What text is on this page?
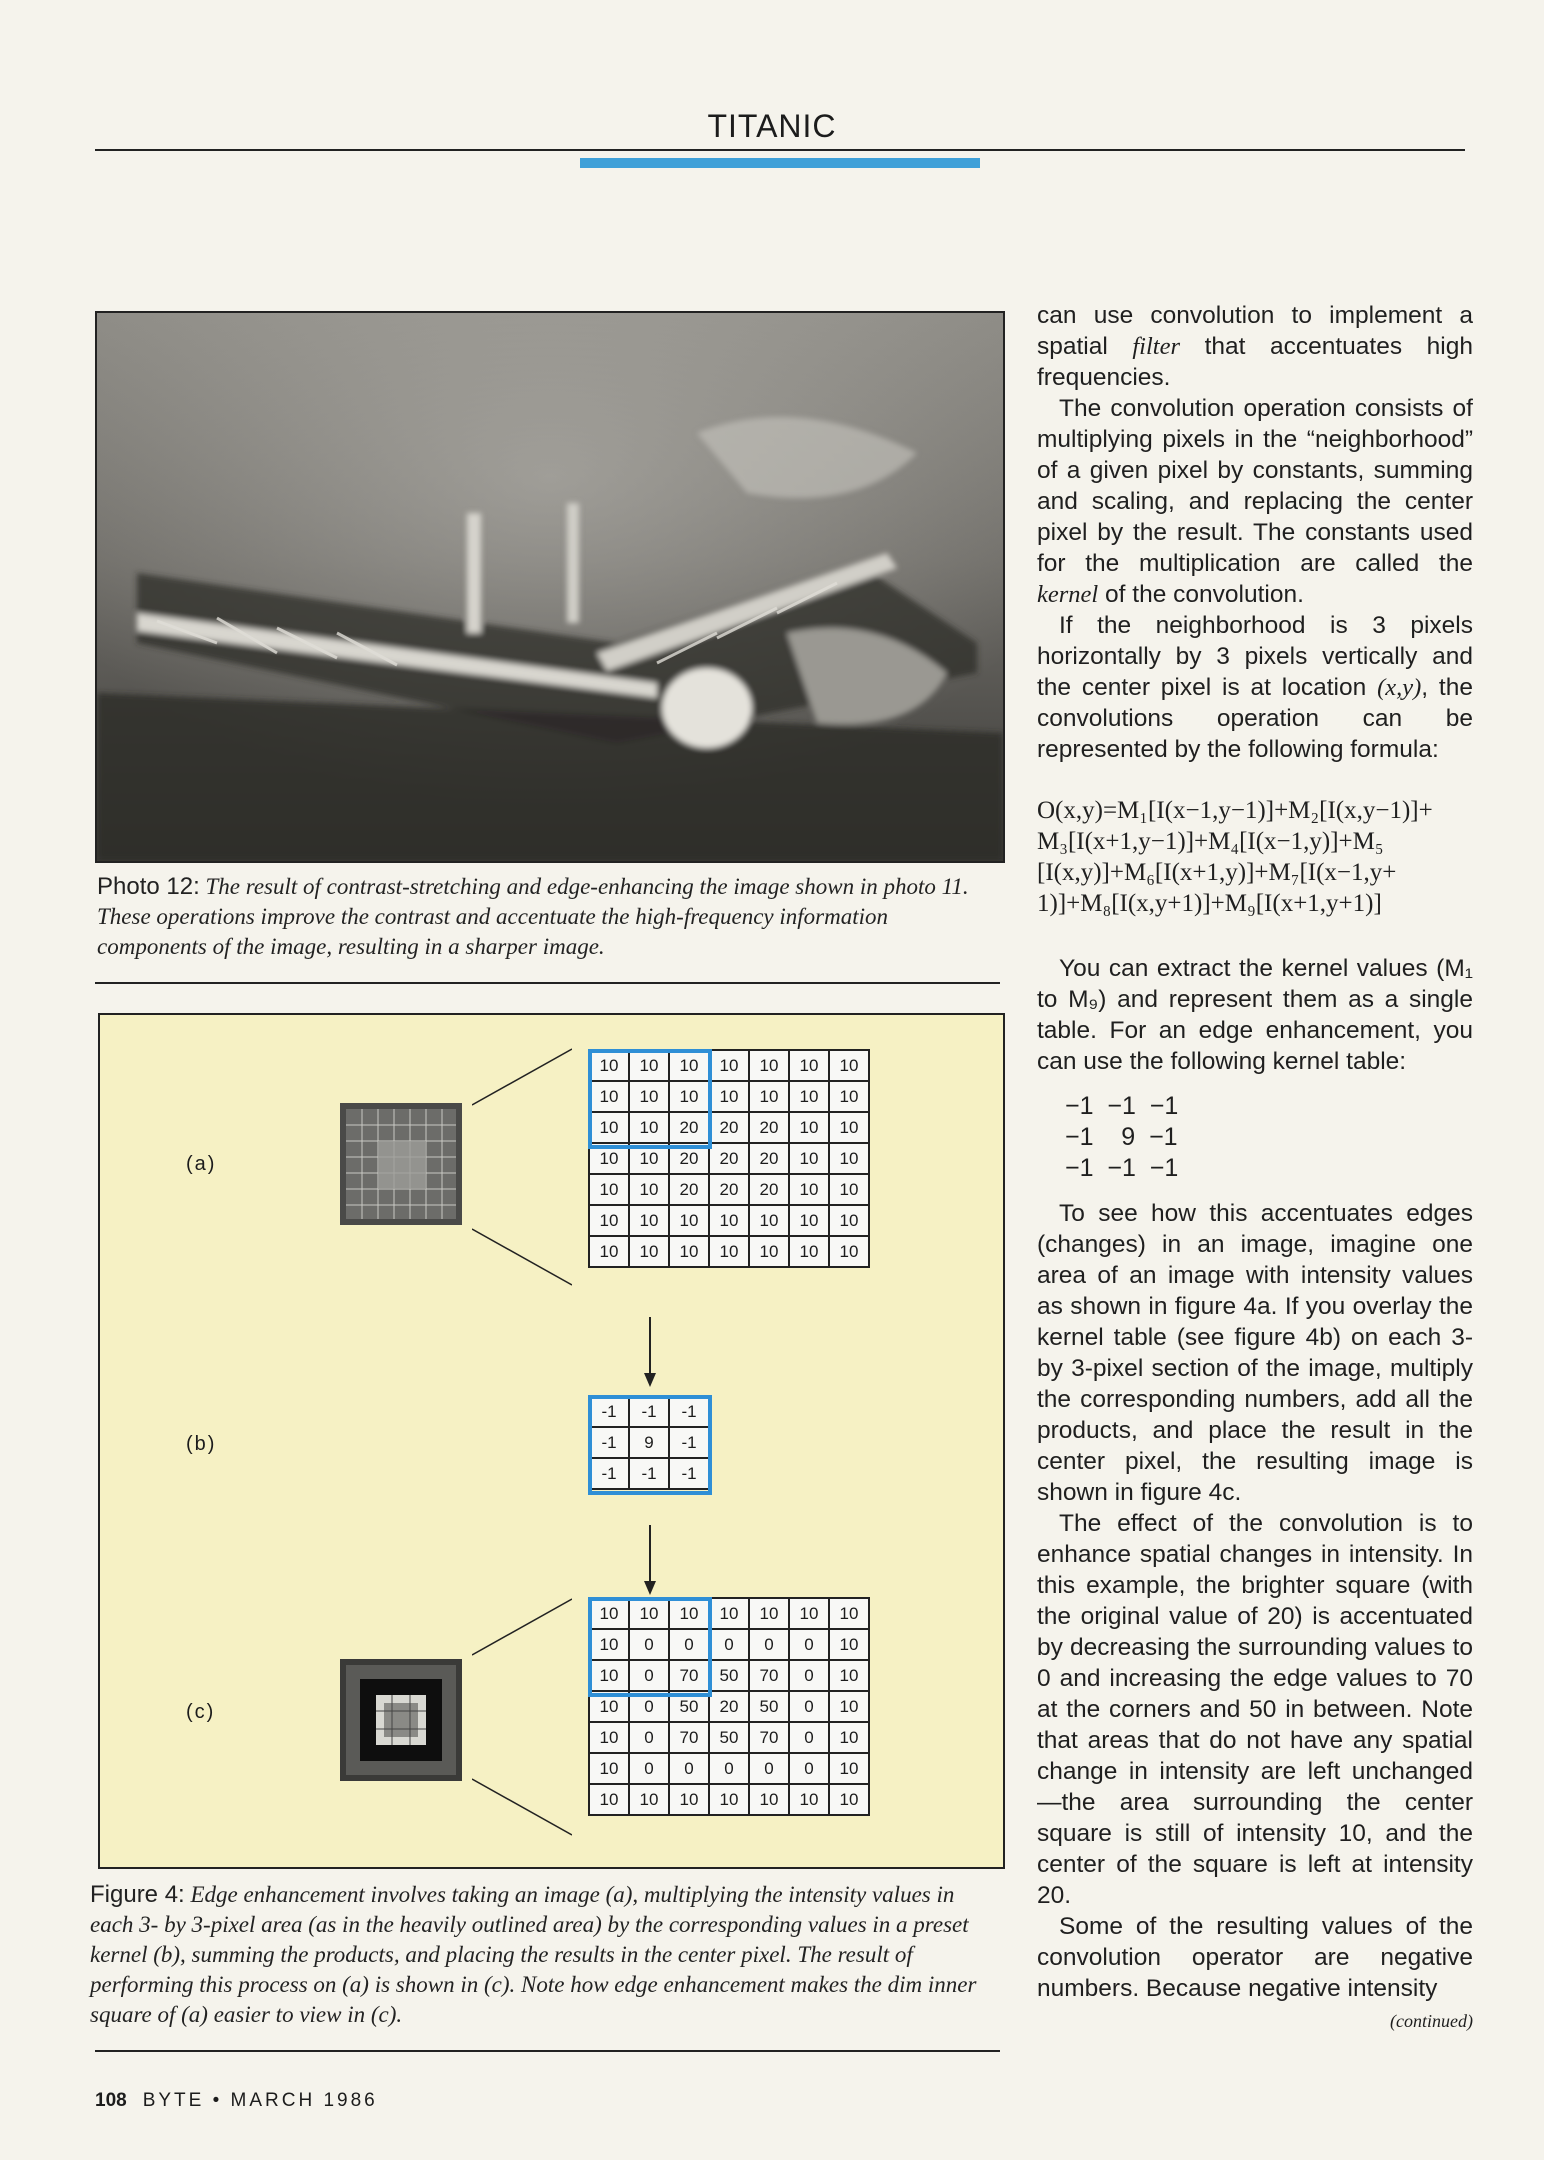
TITANIC
Photo 12: The result of contrast-stretching and edge-enhancing the image shown in photo 11. These operations improve the contrast and accentuate the high-frequency information components of the image, resulting in a sharper image.
(a)
10	10	10	10	10	10	10
10	10	10	10	10	10	10
10	10	20	20	20	10	10
10	10	20	20	20	10	10
10	10	20	20	20	10	10
10	10	10	10	10	10	10
10	10	10	10	10	10	10
(b)
-1	-1	-1
-1	9	-1
-1	-1	-1
(c)
10	10	10	10	10	10	10
10	0	0	0	0	0	10
10	0	70	50	70	0	10
10	0	50	20	50	0	10
10	0	70	50	70	0	10
10	0	0	0	0	0	10
10	10	10	10	10	10	10
Figure 4: Edge enhancement involves taking an image (a), multiplying the intensity values in each 3- by 3-pixel area (as in the heavily outlined area) by the corresponding values in a preset kernel (b), summing the products, and placing the results in the center pixel. The result of performing this process on (a) is shown in (c). Note how edge enhancement makes the dim inner square of (a) easier to view in (c).

can use convolution to implement a spatial filter that accentuates high frequencies.

The convolution operation consists of multiplying pixels in the “neighborhood” of a given pixel by constants, summing and scaling, and replacing the center pixel by the result. The constants used for the multiplication are called the kernel of the convolution.

If the neighborhood is 3 pixels horizontally by 3 pixels vertically and the center pixel is at location (x,y), the convolutions operation can be represented by the following formula:

O(x,y)=M₁[I(x−1,y−1)]+M₂[I(x,y−1)]+ M₃[I(x+1,y−1)]+M₄[I(x−1,y)]+M₅ [I(x,y)]+M₆[I(x+1,y)]+M₇[I(x−1,y+ 1)]+M₈[I(x,y+1)]+M₉[I(x+1,y+1)]

You can extract the kernel values (M₁ to M₉) and represent them as a single table. For an edge enhancement, you can use the following kernel table:

−1  −1  −1
−1    9  −1
−1  −1  −1

To see how this accentuates edges (changes) in an image, imagine one area of an image with intensity values as shown in figure 4a. If you overlay the kernel table (see figure 4b) on each 3- by 3-pixel section of the image, multiply the corresponding numbers, add all the products, and place the result in the center pixel, the resulting image is shown in figure 4c.

The effect of the convolution is to enhance spatial changes in intensity. In this example, the brighter square (with the original value of 20) is accentuated by decreasing the surrounding values to 0 and increasing the edge values to 70 at the corners and 50 in between. Note that areas that do not have any spatial change in intensity are left unchanged—the area surrounding the center square is still of intensity 10, and the center of the square is left at intensity 20.

Some of the resulting values of the convolution operator are negative numbers. Because negative intensity

(continued)
108 BYTE • MARCH 1986
